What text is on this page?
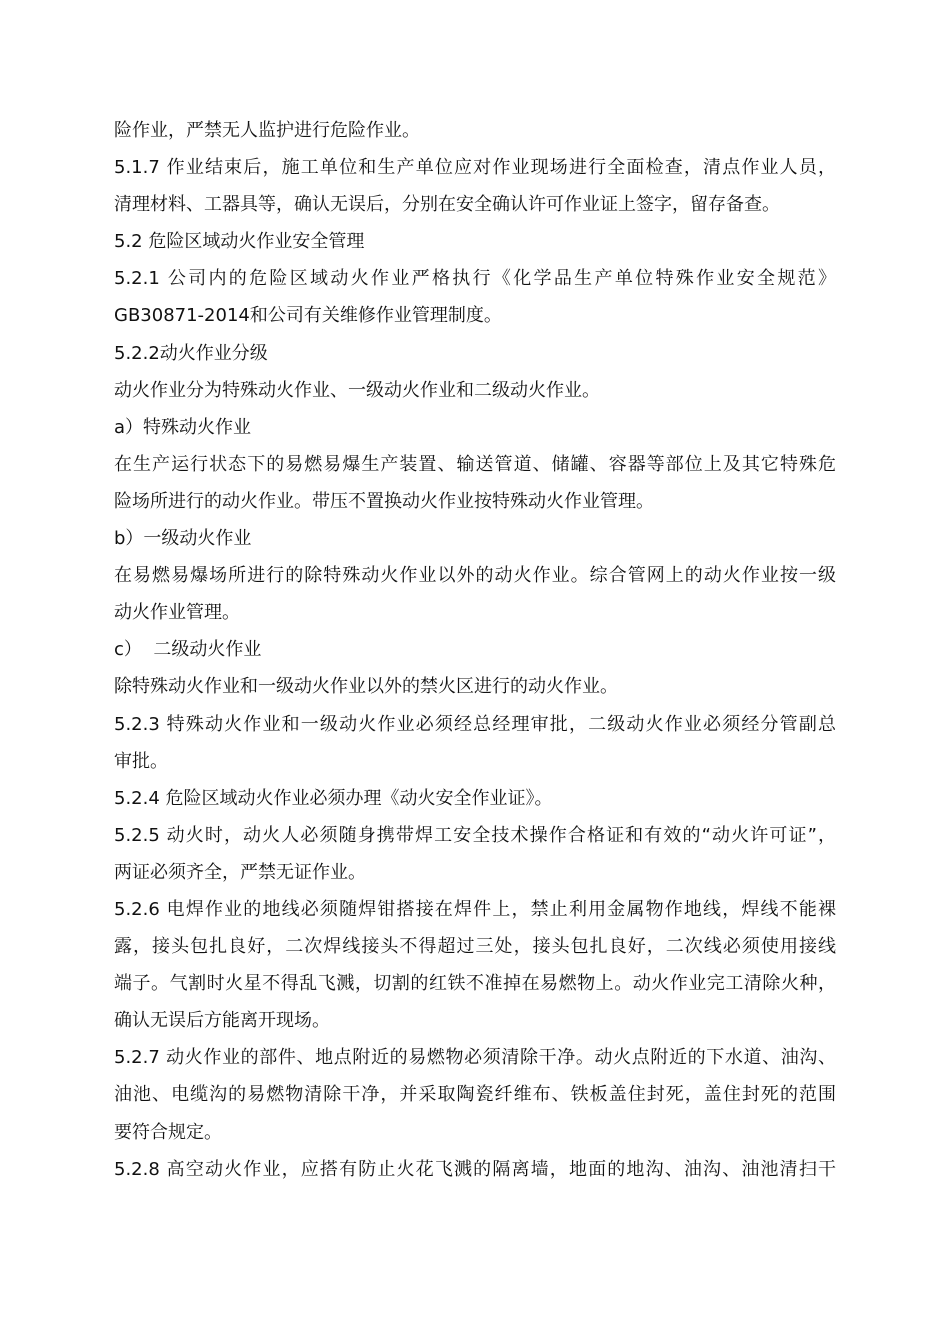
险作业，严禁无人监护进行危险作业。
5.1.7 作业结束后，施工单位和生产单位应对作业现场进行全面检查，清点作业人员，
清理材料、工器具等，确认无误后，分别在安全确认许可作业证上签字，留存备查。
5.2 危险区域动火作业安全管理
5.2.1 公司内的危险区域动火作业严格执行《化学品生产单位特殊作业安全规范》
GB30871-2014和公司有关维修作业管理制度。
5.2.2动火作业分级
动火作业分为特殊动火作业、一级动火作业和二级动火作业。
a）特殊动火作业
在生产运行状态下的易燃易爆生产装置、输送管道、储罐、容器等部位上及其它特殊危
险场所进行的动火作业。带压不置换动火作业按特殊动火作业管理。
b）一级动火作业
在易燃易爆场所进行的除特殊动火作业以外的动火作业。综合管网上的动火作业按一级
动火作业管理。
c）  二级动火作业
除特殊动火作业和一级动火作业以外的禁火区进行的动火作业。
5.2.3 特殊动火作业和一级动火作业必须经总经理审批，二级动火作业必须经分管副总
审批。
5.2.4 危险区域动火作业必须办理《动火安全作业证》。
5.2.5 动火时，动火人必须随身携带焊工安全技术操作合格证和有效的“动火许可证”，
两证必须齐全，严禁无证作业。
5.2.6 电焊作业的地线必须随焊钳搭接在焊件上，禁止利用金属物作地线，焊线不能裸
露，接头包扎良好，二次焊线接头不得超过三处，接头包扎良好，二次线必须使用接线
端子。气割时火星不得乱飞溅，切割的红铁不准掉在易燃物上。动火作业完工清除火种，
确认无误后方能离开现场。
5.2.7 动火作业的部件、地点附近的易燃物必须清除干净。动火点附近的下水道、油沟、
油池、电缆沟的易燃物清除干净，并采取陶瓷纤维布、铁板盖住封死，盖住封死的范围
要符合规定。
5.2.8 高空动火作业，应搭有防止火花飞溅的隔离墙，地面的地沟、油沟、油池清扫干
